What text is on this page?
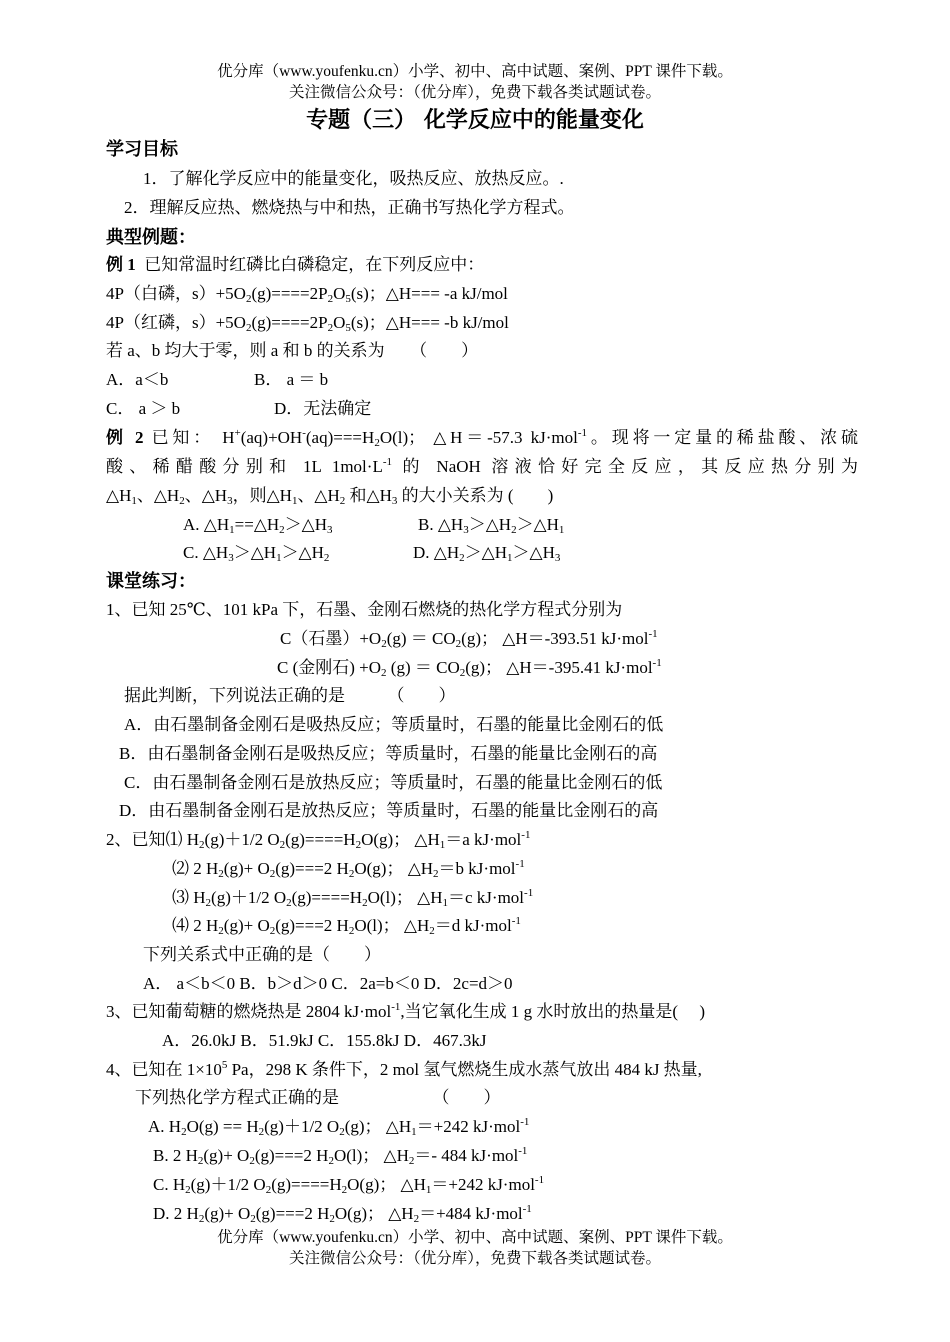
优分库（www.youfenku.cn）小学、初中、高中试题、案例、PPT 课件下载。
关注微信公众号：（优分库），免费下载各类试题试卷。
专题（三） 化学反应中的能量变化
学习目标
1．了解化学反应中的能量变化，吸热反应、放热反应。.
2．理解反应热、燃烧热与中和热，正确书写热化学方程式。
典型例题：
例 1 已知常温时红磷比白磷稳定，在下列反应中：
4P（白磷，$s)+5O_2(g)====2P_2O_5(s)$；△H=== -a kJ/mol
4P（红磷，$s)+5O_2(g)====2P_2O_5(s)$；△H=== -b kJ/mol
若 a、b 均大于零，则 a 和 b 的关系为　　（　　）
A．a＜b	B． a ＝ b
C． a ＞ b	D．无法确定
例 2 已知： $H^+(aq)+OH^-(aq)===H_2O(l)$； △H＝-57.3 kJ·mol$^{-1}$。现将一定量的稀盐酸、浓硫
酸、稀醋酸分别和 1L $1mol\cdot L^{-1}$ 的 NaOH 溶液恰好完全反应，其反应热分别为
$\triangle H_1$、$\triangle H_2$、$\triangle H_3$，则$\triangle H_1$、$\triangle H_2$ 和$\triangle H_3$ 的大小关系为 (　　)
A. $\triangle H_1==\triangle H_2>\triangle H_3$	B. $\triangle H_3>\triangle H_2>\triangle H_1$
C. $\triangle H_3>\triangle H_1>\triangle H_2$	D. $\triangle H_2>\triangle H_1>\triangle H_3$
课堂练习：
1、已知 25℃、101 kPa 下，石墨、金刚石燃烧的热化学方程式分别为
C（石墨）$+O_2(g) = CO_2(g)$； △H＝-393.51 kJ·mol$^{-1}$
C (金刚石) $+O_2$ $(g) = CO_2(g)$； △H＝-395.41 kJ·mol$^{-1}$
据此判断，下列说法正确的是　　　（　　）
A．由石墨制备金刚石是吸热反应；等质量时，石墨的能量比金刚石的低
B．由石墨制备金刚石是吸热反应；等质量时，石墨的能量比金刚石的高
C．由石墨制备金刚石是放热反应；等质量时，石墨的能量比金刚石的低
D．由石墨制备金刚石是放热反应；等质量时，石墨的能量比金刚石的高
2、已知⑴ $H_2(g)+1/2$ $O_2(g)====H_2O(g)$； $\triangle H_1=a$ kJ·mol$^{-1}$
⑵ 2 $H_2(g)+ O_2(g)===2$ $H_2O(g)$； $\triangle H_2=b$ kJ·mol$^{-1}$
⑶ $H_2(g)+1/2$ $O_2(g)====H_2O(l)$； $\triangle H_1=c$ kJ·mol$^{-1}$
⑷ 2 $H_2(g)+ O_2(g)===2$ $H_2O(l)$； $\triangle H_2=d$ kJ·mol$^{-1}$
下列关系式中正确的是（　　）
A． a＜b＜0 B．b＞d＞0 C．2a=b＜0 D．2c=d＞0
3、已知葡萄糖的燃烧热是 2804 kJ·mol$^{-1}$,当它氧化生成 1 g 水时放出的热量是(　 )
A．26.0kJ B．51.9kJ C．155.8kJ D．467.3kJ
4、已知在 $1\times 10^5$ Pa，298 K 条件下，2 mol 氢气燃烧生成水蒸气放出 484 kJ 热量,
下列热化学方程式正确的是　　　　　　（　　）
A. $H_2O(g) == H_2(g)+1/2$ $O_2(g)$； $\triangle H_1=+242$ kJ·mol$^{-1}$
B. 2 $H_2(g)+ O_2(g)===2$ $H_2O(l)$； $\triangle H_2=-$ 484 kJ·mol$^{-1}$
C. $H_2(g)+1/2$ $O_2(g)====H_2O(g)$； $\triangle H_1=+242$ kJ·mol$^{-1}$
D. 2 $H_2(g)+ O_2(g)===2$ $H_2O(g)$； $\triangle H_2=+484$ kJ·mol$^{-1}$
优分库（www.youfenku.cn）小学、初中、高中试题、案例、PPT 课件下载。
关注微信公众号：（优分库），免费下载各类试题试卷。
